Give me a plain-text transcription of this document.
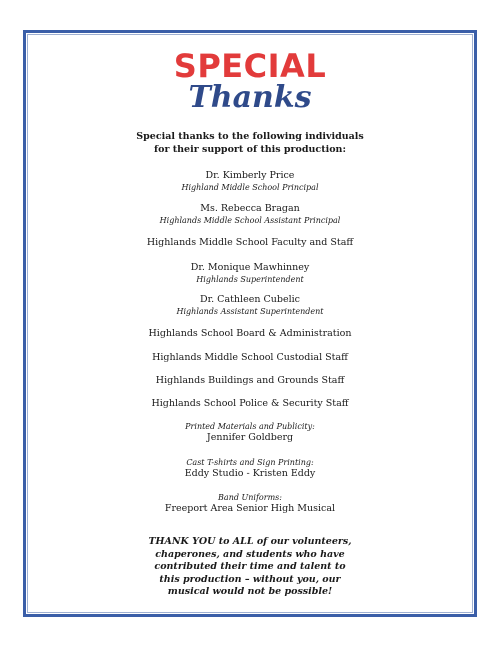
SPECIAL
Thanks
Special thanks to the following individuals
for their support of this production:
Dr. Kimberly Price
Highland Middle School Principal
Ms. Rebecca Bragan
Highlands Middle School Assistant Principal
Highlands Middle School Faculty and Staff
Dr. Monique Mawhinney
Highlands Superintendent
Dr. Cathleen Cubelic
Highlands Assistant Superintendent
Highlands School Board & Administration
Highlands Middle School Custodial Staff
Highlands Buildings and Grounds Staff
Highlands School Police & Security Staff
Printed Materials and Publicity:
Jennifer Goldberg
Cast T-shirts and Sign Printing:
Eddy Studio - Kristen Eddy
Band Uniforms:
Freeport Area Senior High Musical
THANK YOU to ALL of our volunteers,
chaperones, and students who have
contributed their time and talent to
this production – without you, our
musical would not be possible!
